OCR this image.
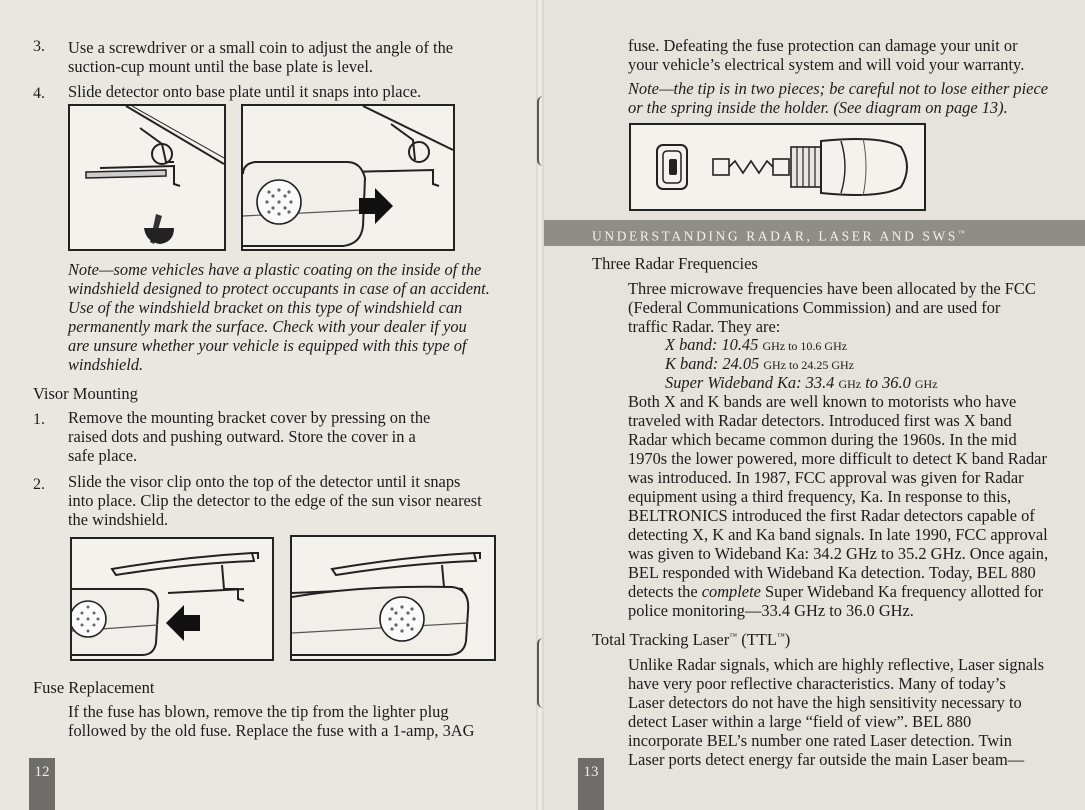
3. Use a screwdriver or a small coin to adjust the angle of the
suction-cup mount until the base plate is level.
4. Slide detector onto base plate until it snaps into place.
Note—some vehicles have a plastic coating on the inside of the
windshield designed to protect occupants in case of an accident.
Use of the windshield bracket on this type of windshield can
permanently mark the surface. Check with your dealer if you
are unsure whether your vehicle is equipped with this type of
windshield.
Visor Mounting
1. Remove the mounting bracket cover by pressing on the
raised dots and pushing outward. Store the cover in a
safe place.
2. Slide the visor clip onto the top of the detector until it snaps
into place. Clip the detector to the edge of the sun visor nearest
the windshield.
Fuse Replacement
If the fuse has blown, remove the tip from the lighter plug
followed by the old fuse. Replace the fuse with a 1-amp, 3AG
12
fuse. Defeating the fuse protection can damage your unit or
your vehicle’s electrical system and will void your warranty.
Note—the tip is in two pieces; be careful not to lose either piece
or the spring inside the holder. (See diagram on page 13).
Three Radar Frequencies
Three microwave frequencies have been allocated by the FCC
(Federal Communications Commission) and are used for
traffic Radar. They are:
X band: 10.45 GHz to 10.6 GHz
K band: 24.05 GHz to 24.25 GHz
Super Wideband Ka: 33.4 GHz to 36.0 GHz
Both X and K bands are well known to motorists who have
traveled with Radar detectors. Introduced first was X band
Radar which became common during the 1960s. In the mid
1970s the lower powered, more difficult to detect K band Radar
was introduced. In 1987, FCC approval was given for Radar
equipment using a third frequency, Ka. In response to this,
BELTRONICS introduced the first Radar detectors capable of
detecting X, K and Ka band signals. In late 1990, FCC approval
was given to Wideband Ka: 34.2 GHz to 35.2 GHz. Once again,
BEL responded with Wideband Ka detection. Today, BEL 880
detects the complete Super Wideband Ka frequency allotted for
police monitoring—33.4 GHz to 36.0 GHz.
Total Tracking Laser™ (TTL™)
Unlike Radar signals, which are highly reflective, Laser signals
have very poor reflective characteristics. Many of today’s
Laser detectors do not have the high sensitivity necessary to
detect Laser within a large “field of view”. BEL 880
incorporate BEL’s number one rated Laser detection. Twin
Laser ports detect energy far outside the main Laser beam—
13
UNDERSTANDING RADAR, LASER AND SWS™
